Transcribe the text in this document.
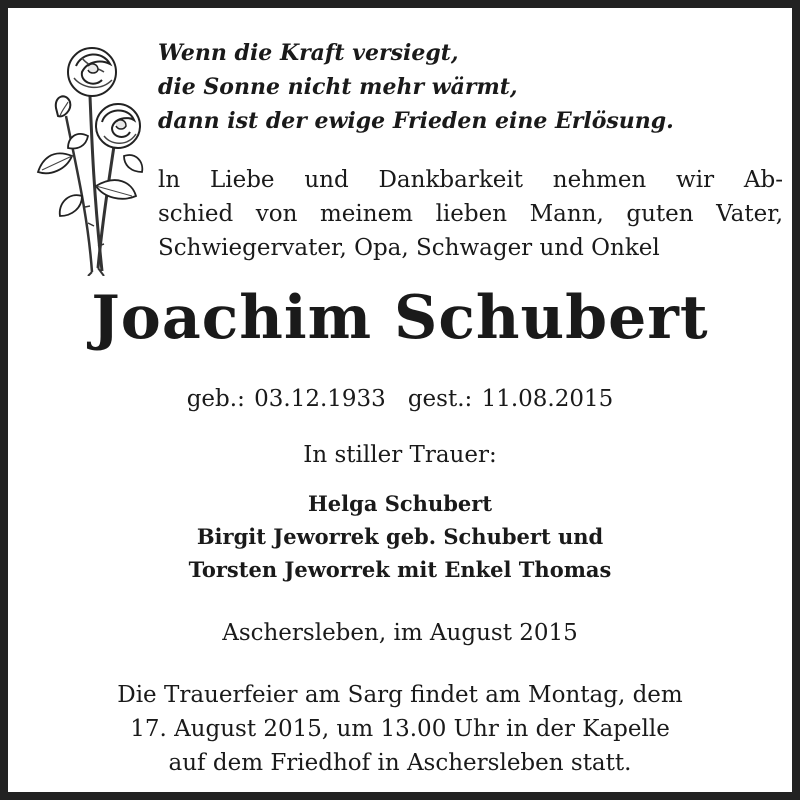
Wenn die Kraft versiegt,
die Sonne nicht mehr wärmt,
dann ist der ewige Frieden eine Erlösung.
ln Liebe und Dankbarkeit nehmen wir Ab-
schied von meinem lieben Mann, guten Vater,
Schwiegervater, Opa, Schwager und Onkel
Joachim Schubert
geb.: 03.12.1933 gest.: 11.08.2015
In stiller Trauer:
Helga Schubert
Birgit Jeworrek geb. Schubert und
Torsten Jeworrek mit Enkel Thomas
Aschersleben, im August 2015
Die Trauerfeier am Sarg findet am Montag, dem
17. August 2015, um 13.00 Uhr in der Kapelle
auf dem Friedhof in Aschersleben statt.
